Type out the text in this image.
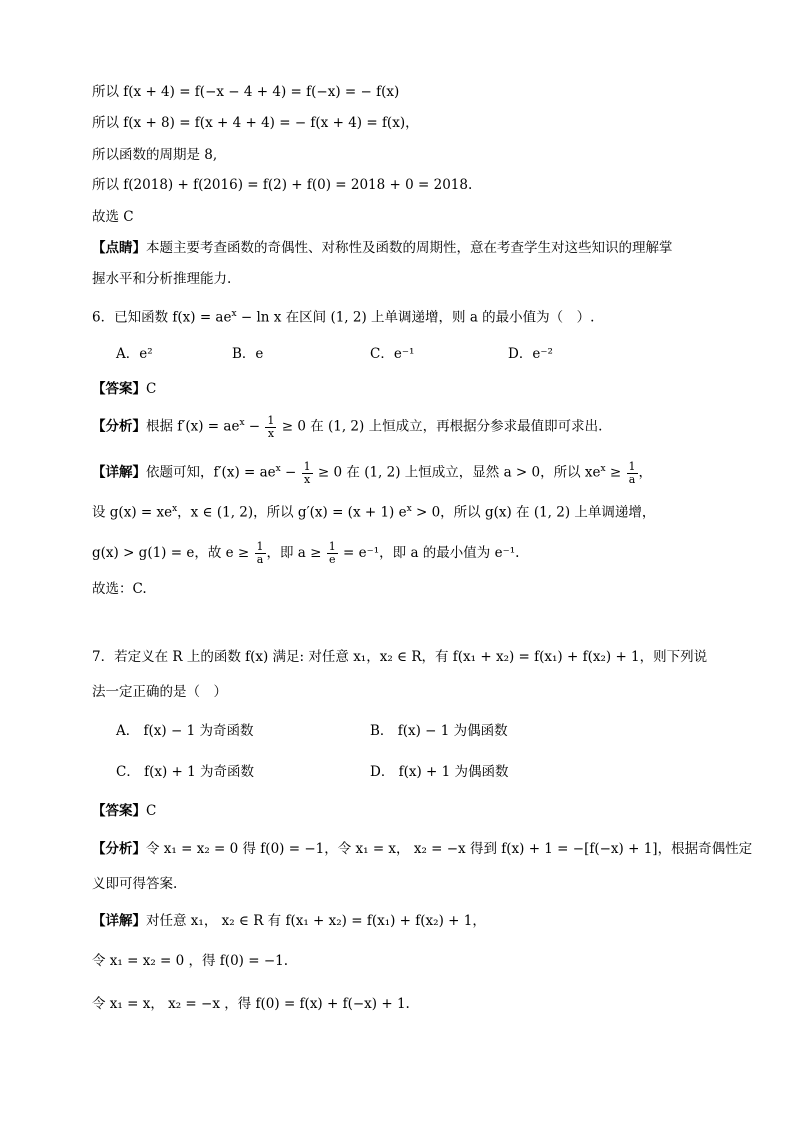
所以 f(x + 4) = f(−x − 4 + 4) = f(−x) = − f(x)
所以 f(x + 8) = f(x + 4 + 4) = − f(x + 4) = f(x)，
所以函数的周期是 8,
所以 f(2018) + f(2016) = f(2) + f(0) = 2018 + 0 = 2018.
故选 C
【点睛】本题主要考查函数的奇偶性、对称性及函数的周期性，意在考查学生对这些知识的理解掌
握水平和分析推理能力.
6．已知函数 $f(x) = ae^x - \ln x$ 在区间 (1, 2) 上单调递增，则 a 的最小值为（　）.
A．e²	B．e	C．e⁻¹	D．e⁻²
【答案】C
【分析】根据 $f'(x) = ae^x - \frac{1}{x} \ge 0$ 在 (1, 2) 上恒成立，再根据分参求最值即可求出.
【详解】依题可知，$f'(x) = ae^x - \frac{1}{x} \ge 0$ 在 (1, 2) 上恒成立，显然 a > 0，所以 $xe^x \ge \frac{1}{a}$ ，
设 $g(x) = xe^x$，x ∈ (1, 2)，所以 g′(x) = (x + 1) $e^x > 0$，所以 g(x) 在 (1, 2) 上单调递增，
g(x) > g(1) = e，故 $e \ge \frac{1}{a}$ ，即 $a \ge \frac{1}{e} = e^{-1}$，即 a 的最小值为 e⁻¹.
故选：C.
7．若定义在 R 上的函数 f(x) 满足: 对任意 x₁，x₂ ∈ R，有 f(x₁ + x₂) = f(x₁) + f(x₂) + 1，则下列说
法一定正确的是（　）
A． f(x) − 1 为奇函数	B． f(x) − 1 为偶函数
C． f(x) + 1 为奇函数	D． f(x) + 1 为偶函数
【答案】C
【分析】令 x₁ = x₂ = 0 得 f(0) = −1，令 x₁ = x， x₂ = −x 得到 f(x) + 1 = −[f(−x) + 1]，根据奇偶性定
义即可得答案.
【详解】对任意 x₁， x₂ ∈ R 有 f(x₁ + x₂) = f(x₁) + f(x₂) + 1，
令 x₁ = x₂ = 0 ，得 f(0) = −1.
令 x₁ = x， x₂ = −x ，得 f(0) = f(x) + f(−x) + 1.
